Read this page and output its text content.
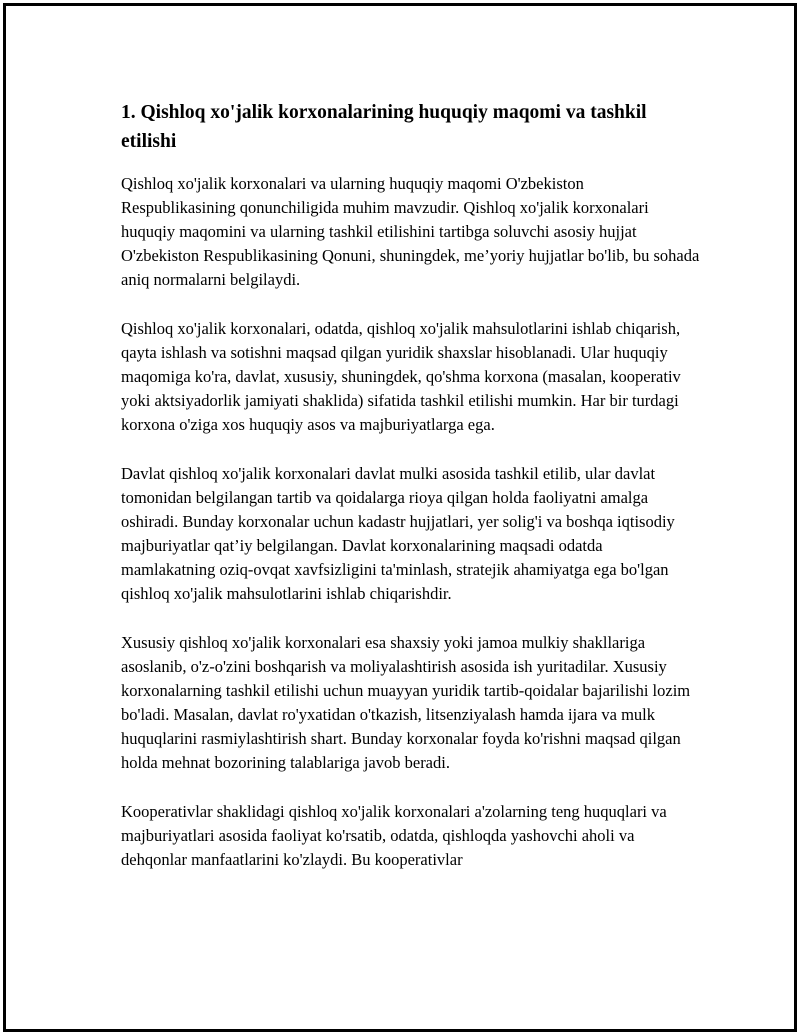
1. Qishloq xo'jalik korxonalarining huquqiy maqomi va tashkil etilishi

Qishloq xo'jalik korxonalari va ularning huquqiy maqomi O'zbekiston Respublikasining qonunchiligida muhim mavzudir. Qishloq xo'jalik korxonalari huquqiy maqomini va ularning tashkil etilishini tartibga soluvchi asosiy hujjat O'zbekiston Respublikasining Qonuni, shuningdek, me’yoriy hujjatlar bo'lib, bu sohada aniq normalarni belgilaydi.

Qishloq xo'jalik korxonalari, odatda, qishloq xo'jalik mahsulotlarini ishlab chiqarish, qayta ishlash va sotishni maqsad qilgan yuridik shaxslar hisoblanadi. Ular huquqiy maqomiga ko'ra, davlat, xususiy, shuningdek, qo'shma korxona (masalan, kooperativ yoki aktsiyadorlik jamiyati shaklida) sifatida tashkil etilishi mumkin. Har bir turdagi korxona o'ziga xos huquqiy asos va majburiyatlarga ega.

Davlat qishloq xo'jalik korxonalari davlat mulki asosida tashkil etilib, ular davlat tomonidan belgilangan tartib va qoidalarga rioya qilgan holda faoliyatni amalga oshiradi. Bunday korxonalar uchun kadastr hujjatlari, yer solig'i va boshqa iqtisodiy majburiyatlar qat’iy belgilangan. Davlat korxonalarining maqsadi odatda mamlakatning oziq-ovqat xavfsizligini ta'minlash, stratejik ahamiyatga ega bo'lgan qishloq xo'jalik mahsulotlarini ishlab chiqarishdir.

Xususiy qishloq xo'jalik korxonalari esa shaxsiy yoki jamoa mulkiy shakllariga asoslanib, o'z-o'zini boshqarish va moliyalashtirish asosida ish yuritadilar. Xususiy korxonalarning tashkil etilishi uchun muayyan yuridik tartib-qoidalar bajarilishi lozim bo'ladi. Masalan, davlat ro'yxatidan o'tkazish, litsenziyalash hamda ijara va mulk huquqlarini rasmiylashtirish shart. Bunday korxonalar foyda ko'rishni maqsad qilgan holda mehnat bozorining talablariga javob beradi.

Kooperativlar shaklidagi qishloq xo'jalik korxonalari a'zolarning teng huquqlari va majburiyatlari asosida faoliyat ko'rsatib, odatda, qishloqda yashovchi aholi va dehqonlar manfaatlarini ko'zlaydi. Bu kooperativlar
